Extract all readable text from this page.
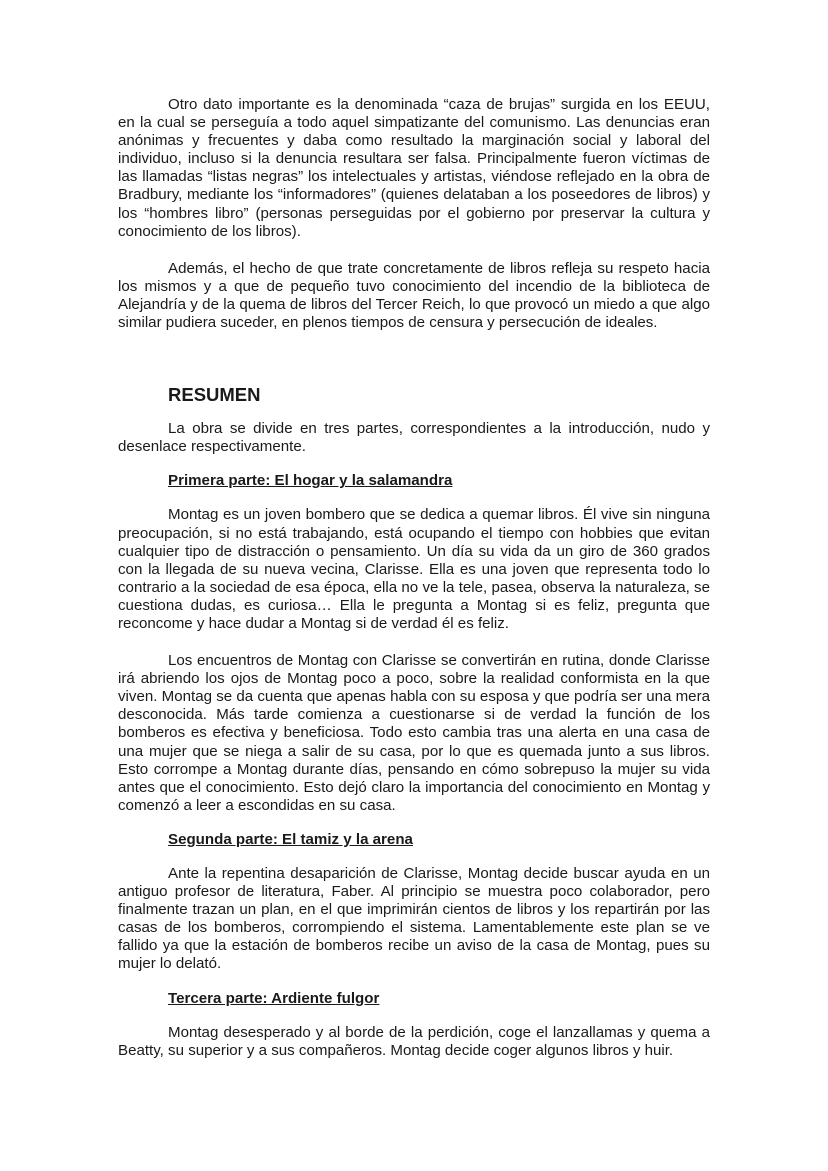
Otro dato importante es la denominada “caza de brujas” surgida en los EEUU, en la cual se perseguía a todo aquel simpatizante del comunismo. Las denuncias eran anónimas y frecuentes y daba como resultado la marginación social y laboral del individuo, incluso si la denuncia resultara ser falsa. Principalmente fueron víctimas de las llamadas “listas negras” los intelectuales y artistas, viéndose reflejado en la obra de Bradbury, mediante los “informadores” (quienes delataban a los poseedores de libros) y los “hombres libro” (personas perseguidas por el gobierno por preservar la cultura y conocimiento de los libros).

Además, el hecho de que trate concretamente de libros refleja su respeto hacia los mismos y a que de pequeño tuvo conocimiento del incendio de la biblioteca de Alejandría y de la quema de libros del Tercer Reich, lo que provocó un miedo a que algo similar pudiera suceder, en plenos tiempos de censura y persecución de ideales.

RESUMEN

La obra se divide en tres partes, correspondientes a la introducción, nudo y desenlace respectivamente.

Primera parte: El hogar y la salamandra

Montag es un joven bombero que se dedica a quemar libros. Él vive sin ninguna preocupación, si no está trabajando, está ocupando el tiempo con hobbies que evitan cualquier tipo de distracción o pensamiento. Un día su vida da un giro de 360 grados con la llegada de su nueva vecina, Clarisse. Ella es una joven que representa todo lo contrario a la sociedad de esa época, ella no ve la tele, pasea, observa la naturaleza, se cuestiona dudas, es curiosa… Ella le pregunta a Montag si es feliz, pregunta que reconcome y hace dudar a Montag si de verdad él es feliz.

Los encuentros de Montag con Clarisse se convertirán en rutina, donde Clarisse irá abriendo los ojos de Montag poco a poco, sobre la realidad conformista en la que viven. Montag se da cuenta que apenas habla con su esposa y que podría ser una mera desconocida. Más tarde comienza a cuestionarse si de verdad la función de los bomberos es efectiva y beneficiosa. Todo esto cambia tras una alerta en una casa de una mujer que se niega a salir de su casa, por lo que es quemada junto a sus libros. Esto corrompe a Montag durante días, pensando en cómo sobrepuso la mujer su vida antes que el conocimiento. Esto dejó claro la importancia del conocimiento en Montag y comenzó a leer a escondidas en su casa.

Segunda parte: El tamiz y la arena

Ante la repentina desaparición de Clarisse, Montag decide buscar ayuda en un antiguo profesor de literatura, Faber. Al principio se muestra poco colaborador, pero finalmente trazan un plan, en el que imprimirán cientos de libros y los repartirán por las casas de los bomberos, corrompiendo el sistema. Lamentablemente este plan se ve fallido ya que la estación de bomberos recibe un aviso de la casa de Montag, pues su mujer lo delató.

Tercera parte: Ardiente fulgor

Montag desesperado y al borde de la perdición, coge el lanzallamas y quema a Beatty, su superior y a sus compañeros. Montag decide coger algunos libros y huir.
